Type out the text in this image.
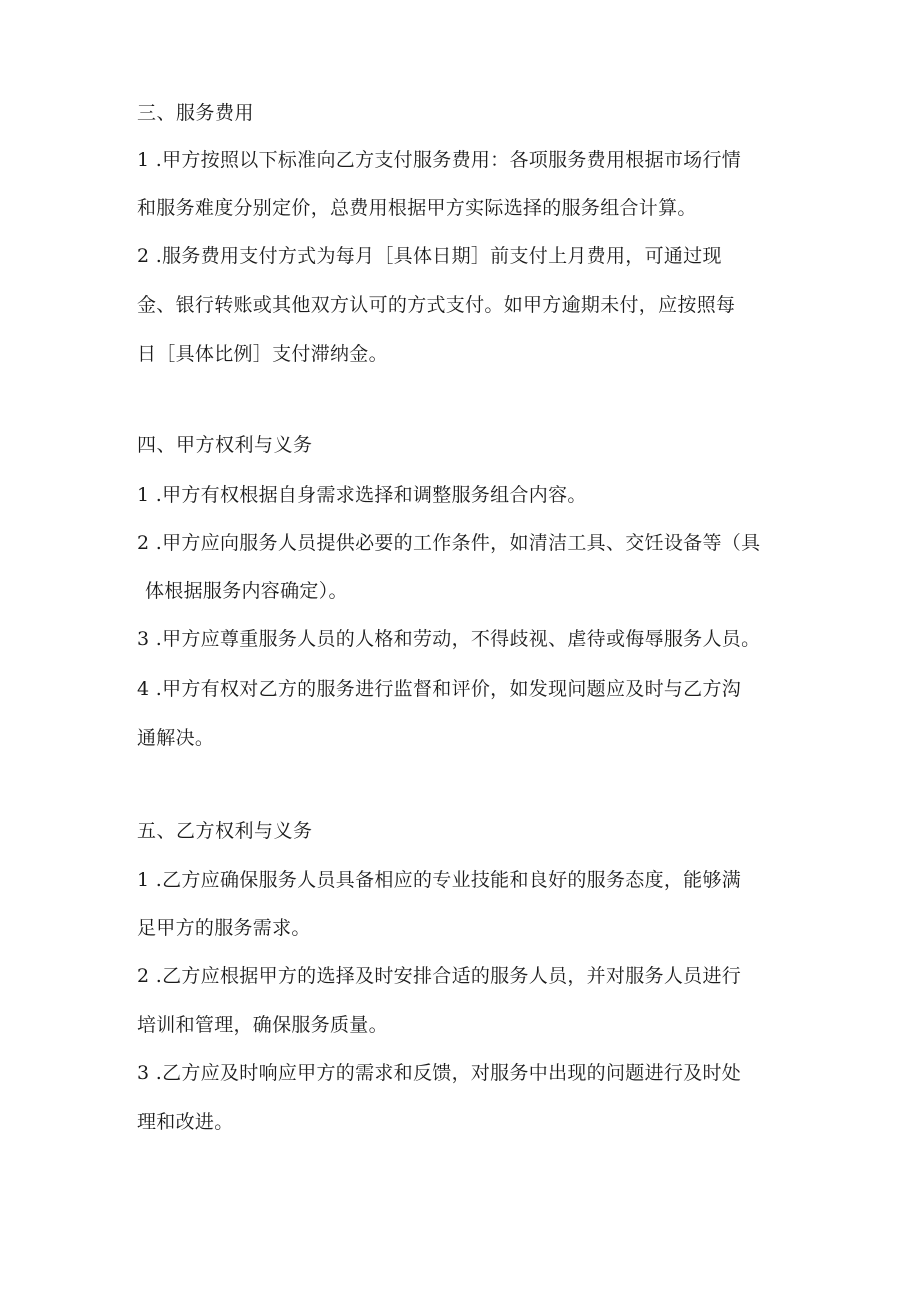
三、服务费用
1 .甲方按照以下标准向乙方支付服务费用：各项服务费用根据市场行情
和服务难度分别定价，总费用根据甲方实际选择的服务组合计算。
2 .服务费用支付方式为每月［具体日期］前支付上月费用，可通过现
金、银行转账或其他双方认可的方式支付。如甲方逾期未付，应按照每
日［具体比例］支付滞纳金。
四、甲方权利与义务
1 .甲方有权根据自身需求选择和调整服务组合内容。
2 .甲方应向服务人员提供必要的工作条件，如清洁工具、交饪设备等（具
体根据服务内容确定）。
3 .甲方应尊重服务人员的人格和劳动，不得歧视、虐待或侮辱服务人员。
4 .甲方有权对乙方的服务进行监督和评价，如发现问题应及时与乙方沟
通解决。
五、乙方权利与义务
1 .乙方应确保服务人员具备相应的专业技能和良好的服务态度，能够满
足甲方的服务需求。
2 .乙方应根据甲方的选择及时安排合适的服务人员，并对服务人员进行
培训和管理，确保服务质量。
3 .乙方应及时响应甲方的需求和反馈，对服务中出现的问题进行及时处
理和改进。
